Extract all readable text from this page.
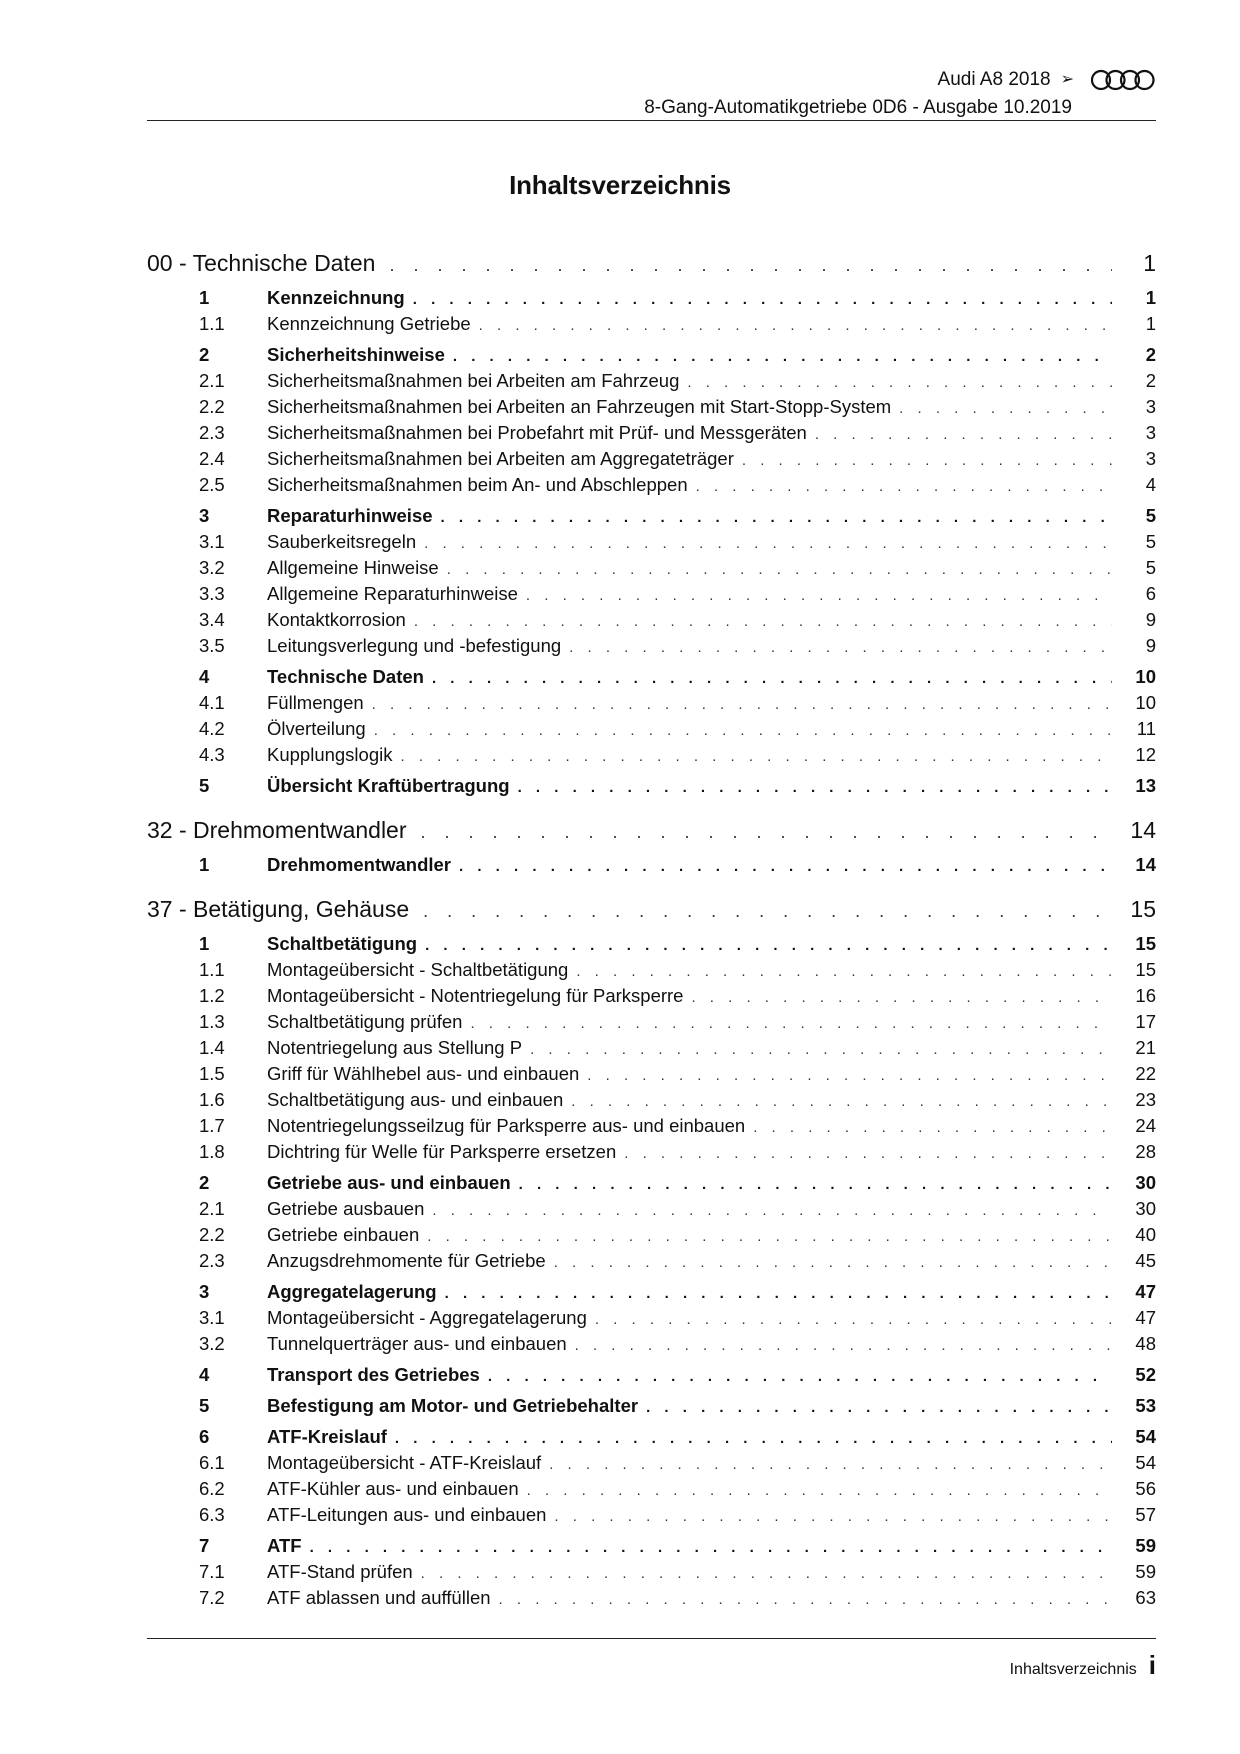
Audi A8 2018 ➢
8-Gang-Automatikgetriebe 0D6 - Ausgabe 10.2019
Inhaltsverzeichnis
00 - Technische Daten . . .	1
1	Kennzeichnung . . .	1
1.1	Kennzeichnung Getriebe . . .	1
2	Sicherheitshinweise . . .	2
2.1	Sicherheitsmaßnahmen bei Arbeiten am Fahrzeug . . .	2
2.2	Sicherheitsmaßnahmen bei Arbeiten an Fahrzeugen mit Start-Stopp-System . . .	3
2.3	Sicherheitsmaßnahmen bei Probefahrt mit Prüf- und Messgeräten . . .	3
2.4	Sicherheitsmaßnahmen bei Arbeiten am Aggregateträger . . .	3
2.5	Sicherheitsmaßnahmen beim An- und Abschleppen . . .	4
3	Reparaturhinweise . . .	5
3.1	Sauberkeitsregeln . . .	5
3.2	Allgemeine Hinweise . . .	5
3.3	Allgemeine Reparaturhinweise . . .	6
3.4	Kontaktkorrosion . . .	9
3.5	Leitungsverlegung und -befestigung . . .	9
4	Technische Daten . . .	10
4.1	Füllmengen . . .	10
4.2	Ölverteilung . . .	11
4.3	Kupplungslogik . . .	12
5	Übersicht Kraftübertragung . . .	13
32 - Drehmomentwandler . . .	14
1	Drehmomentwandler . . .	14
37 - Betätigung, Gehäuse . . .	15
1	Schaltbetätigung . . .	15
1.1	Montageübersicht - Schaltbetätigung . . .	15
1.2	Montageübersicht - Notentriegelung für Parksperre . . .	16
1.3	Schaltbetätigung prüfen . . .	17
1.4	Notentriegelung aus Stellung P . . .	21
1.5	Griff für Wählhebel aus- und einbauen . . .	22
1.6	Schaltbetätigung aus- und einbauen . . .	23
1.7	Notentriegelungsseilzug für Parksperre aus- und einbauen . . .	24
1.8	Dichtring für Welle für Parksperre ersetzen . . .	28
2	Getriebe aus- und einbauen . . .	30
2.1	Getriebe ausbauen . . .	30
2.2	Getriebe einbauen . . .	40
2.3	Anzugsdrehmomente für Getriebe . . .	45
3	Aggregatelagerung . . .	47
3.1	Montageübersicht - Aggregatelagerung . . .	47
3.2	Tunnelquerträger aus- und einbauen . . .	48
4	Transport des Getriebes . . .	52
5	Befestigung am Motor- und Getriebehalter . . .	53
6	ATF-Kreislauf . . .	54
6.1	Montageübersicht - ATF-Kreislauf . . .	54
6.2	ATF-Kühler aus- und einbauen . . .	56
6.3	ATF-Leitungen aus- und einbauen . . .	57
7	ATF . . .	59
7.1	ATF-Stand prüfen . . .	59
7.2	ATF ablassen und auffüllen . . .	63
Inhaltsverzeichnis i
